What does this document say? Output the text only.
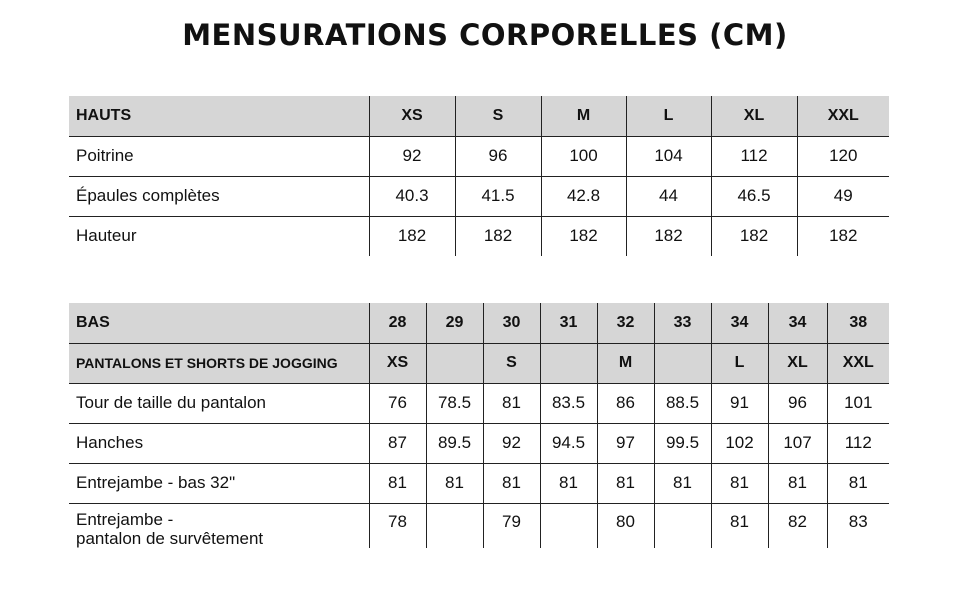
MENSURATIONS CORPORELLES (CM)
HAUTS	XS	S	M	L	XL	XXL
Poitrine	92	96	100	104	112	120
Épaules complètes	40.3	41.5	42.8	44	46.5	49
Hauteur	182	182	182	182	182	182
BAS	28	29	30	31	32	33	34	34	38
PANTALONS ET SHORTS DE JOGGING	XS		S		M		L	XL	XXL
Tour de taille du pantalon	76	78.5	81	83.5	86	88.5	91	96	101
Hanches	87	89.5	92	94.5	97	99.5	102	107	112
Entrejambe - bas 32"	81	81	81	81	81	81	81	81	81

Entrejambe -
pantalon de survêtement	78		79		80		81	82	83
